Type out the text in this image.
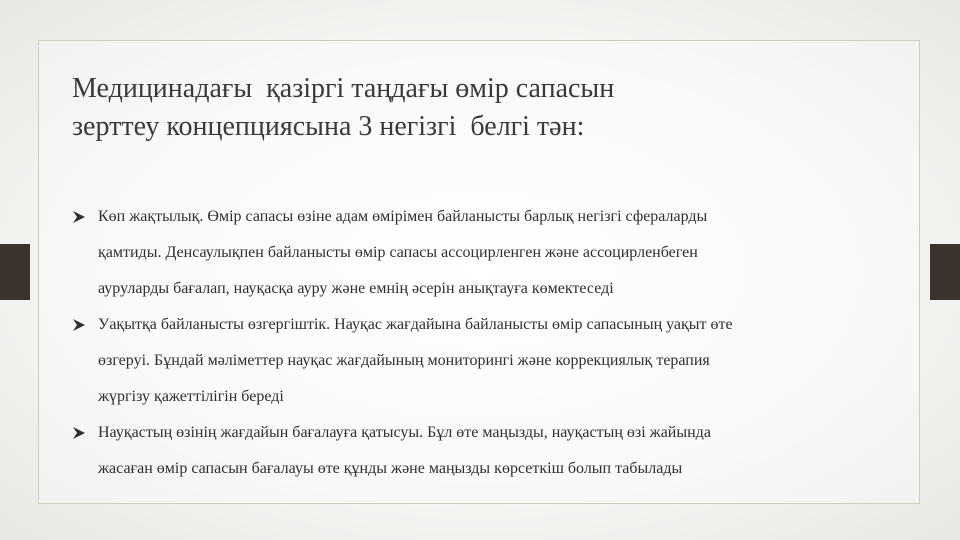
Медицинадағы  қазіргі таңдағы өмір сапасын
зерттеу концепциясына 3 негізгі  белгі тән:
Көп жақтылық. Өмір сапасы өзіне адам өмірімен байланысты барлық негізгі сфераларды
қамтиды. Денсаулықпен байланысты өмір сапасы ассоцирленген және ассоцирленбеген
ауруларды бағалап, науқасқа ауру және емнің әсерін анықтауға көмектеседі
Уақытқа байланысты өзгергіштік. Науқас жағдайына байланысты өмір сапасының уақыт өте
өзгеруі. Бұндай мәліметтер науқас жағдайының мониторингі және коррекциялық терапия
жүргізу қажеттілігін береді
Науқастың өзінің жағдайын бағалауға қатысуы. Бұл өте маңызды, науқастың өзі жайында
жасаған өмір сапасын бағалауы өте құнды және маңызды көрсеткіш болып табылады
